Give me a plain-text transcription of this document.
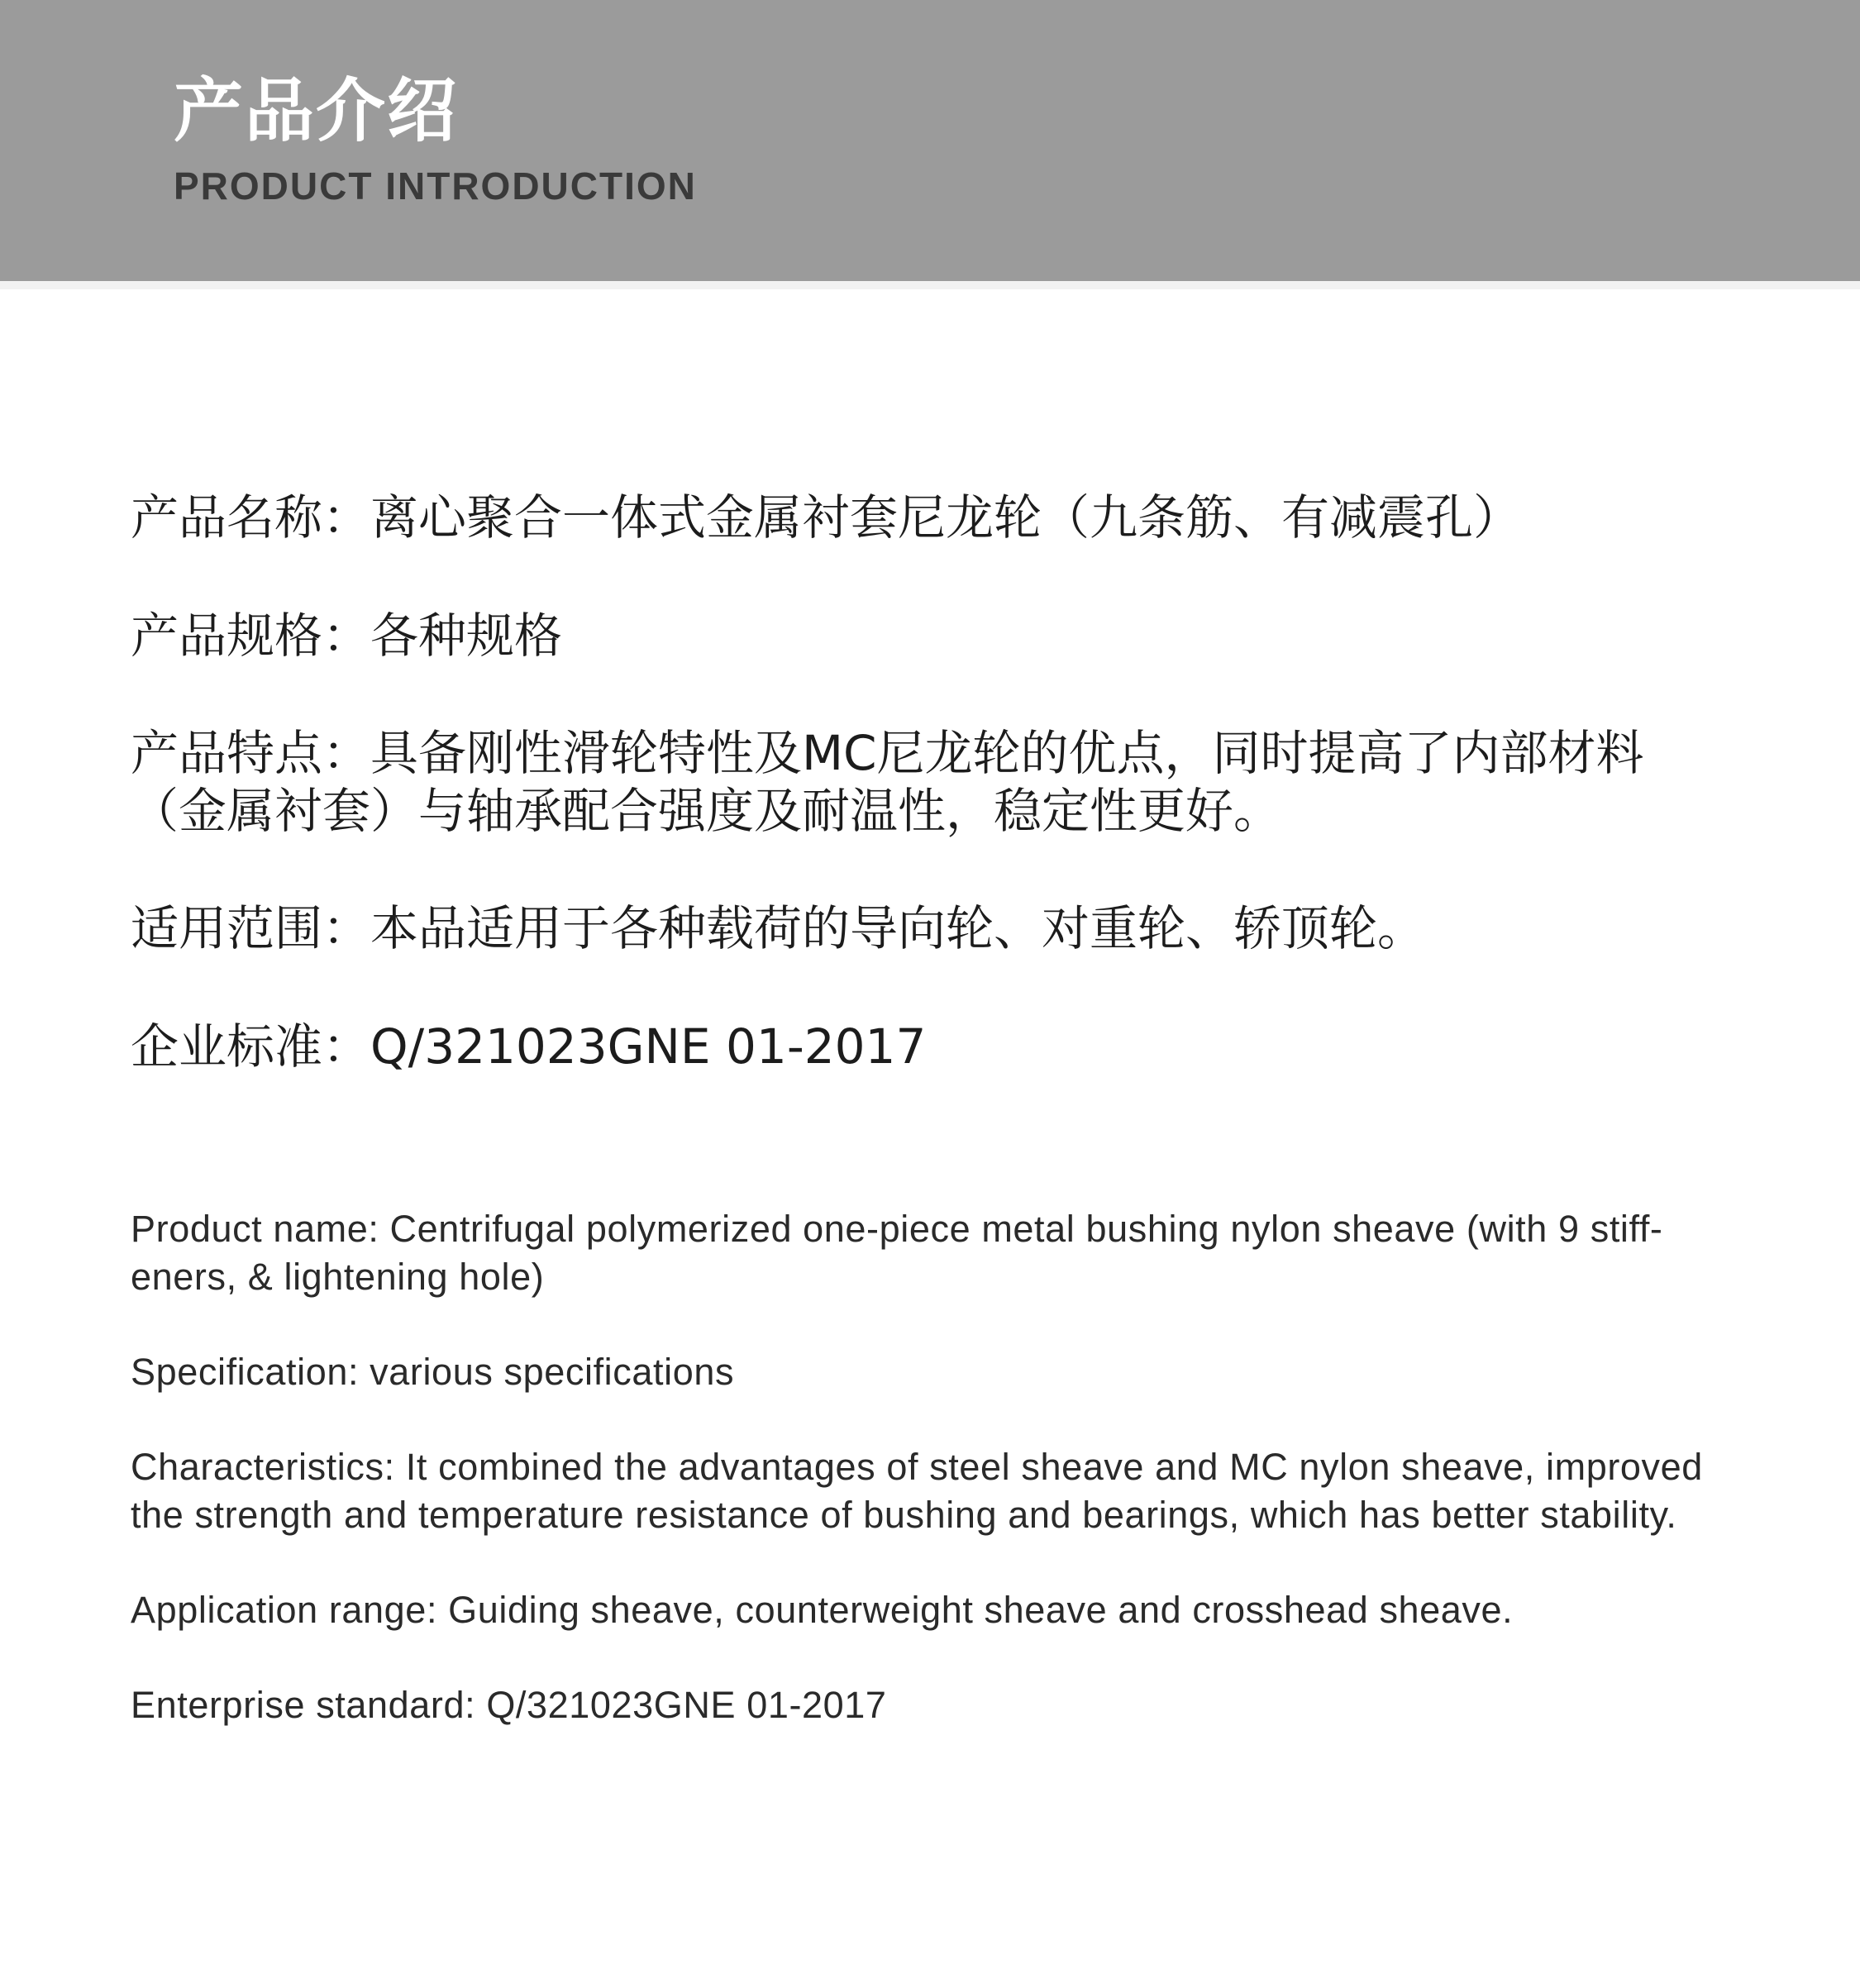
产品介绍
PRODUCT INTRODUCTION

产品名称：离心聚合一体式金属衬套尼龙轮（九条筋、有减震孔）

产品规格：各种规格

产品特点：具备刚性滑轮特性及MC尼龙轮的优点，同时提高了内部材料（金属衬套）与轴承配合强度及耐温性，稳定性更好。

适用范围：本品适用于各种载荷的导向轮、对重轮、轿顶轮。

企业标准：Q/321023GNE 01-2017

Product name: Centrifugal polymerized one-piece metal bushing nylon sheave (with 9 stiff-eners, & lightening hole)

Specification: various specifications

Characteristics: It combined the advantages of steel sheave and MC nylon sheave, improved the strength and temperature resistance of bushing and bearings, which has better stability.

Application range: Guiding sheave, counterweight sheave and crosshead sheave.

Enterprise standard: Q/321023GNE 01-2017
